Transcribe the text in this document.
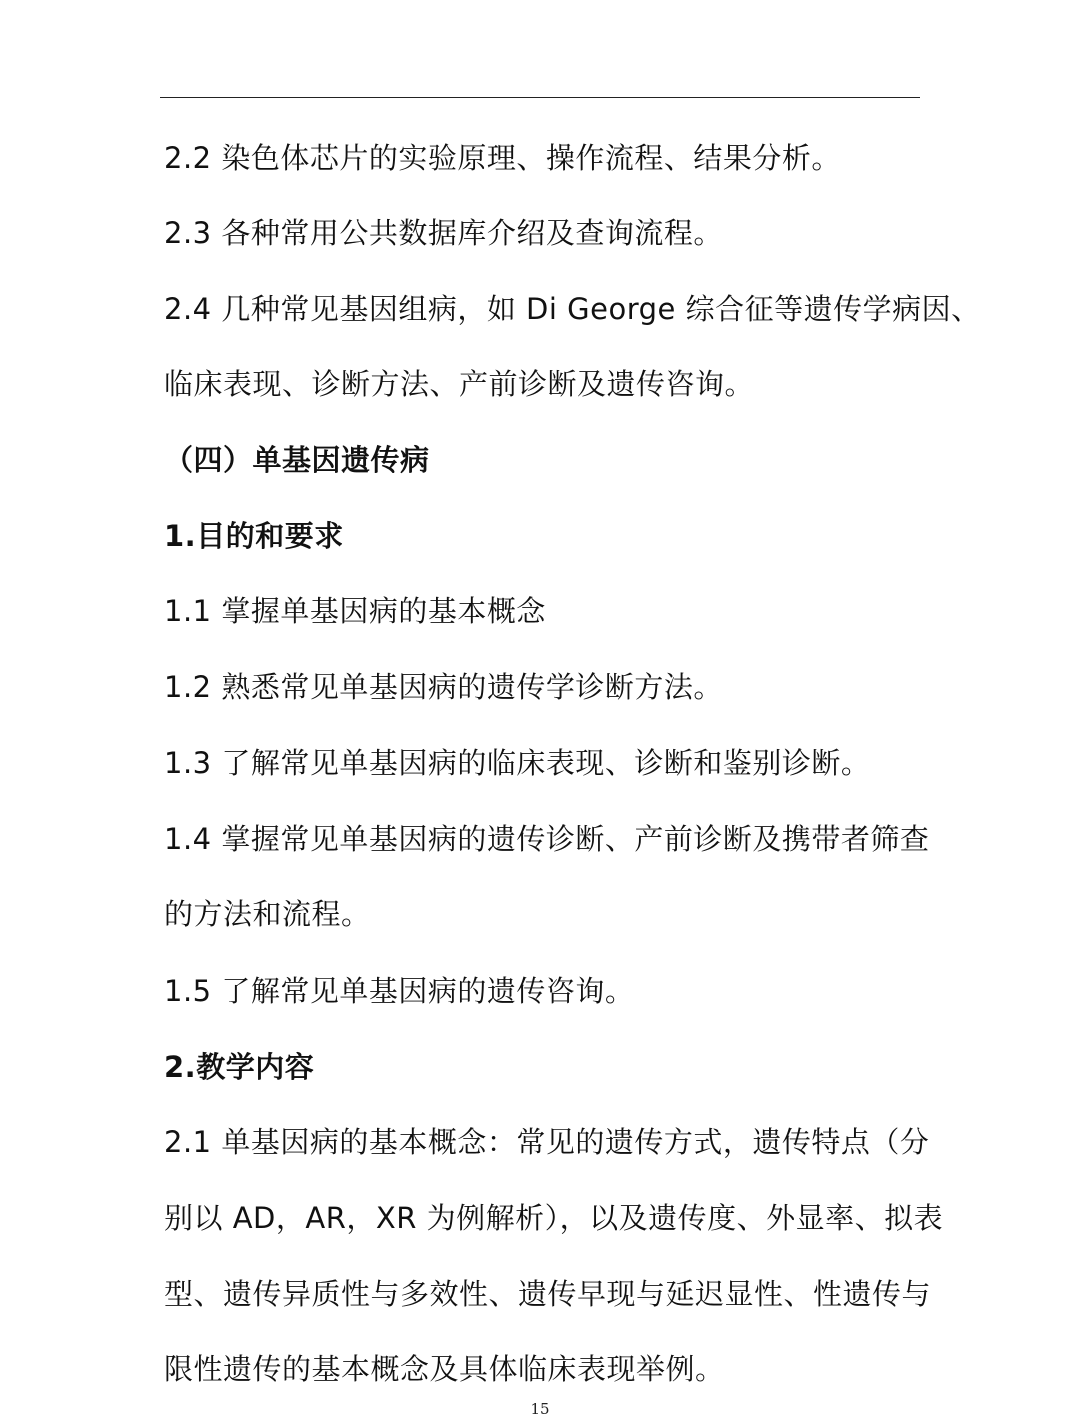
2.2 染色体芯片的实验原理、操作流程、结果分析。
2.3 各种常用公共数据库介绍及查询流程。
2.4 几种常见基因组病，如 Di George 综合征等遗传学病因、
临床表现、诊断方法、产前诊断及遗传咨询。
（四）单基因遗传病
1.目的和要求
1.1 掌握单基因病的基本概念
1.2 熟悉常见单基因病的遗传学诊断方法。
1.3 了解常见单基因病的临床表现、诊断和鉴别诊断。
1.4 掌握常见单基因病的遗传诊断、产前诊断及携带者筛查
的方法和流程。
1.5 了解常见单基因病的遗传咨询。
2.教学内容
2.1 单基因病的基本概念：常见的遗传方式，遗传特点（分
别以 AD，AR，XR 为例解析），以及遗传度、外显率、拟表
型、遗传异质性与多效性、遗传早现与延迟显性、性遗传与
限性遗传的基本概念及具体临床表现举例。
15
